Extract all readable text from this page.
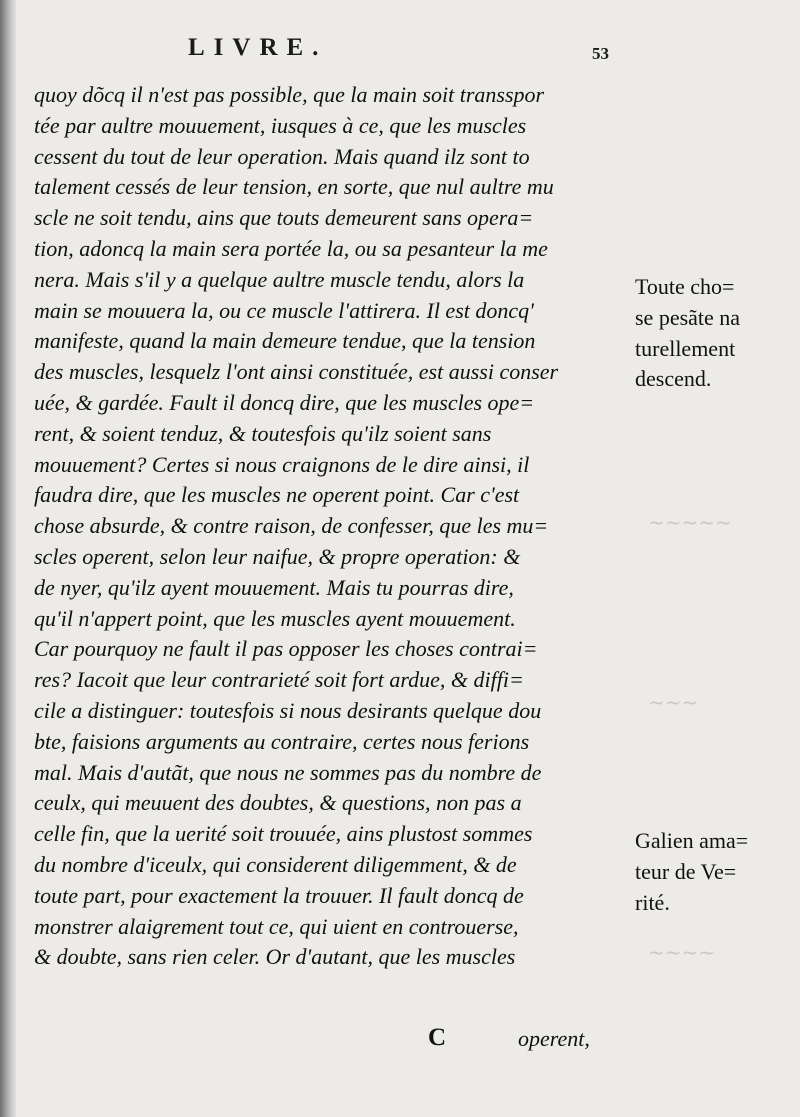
~~~~~
~~~
~~~~
LIVRE.	53
quoy dõcq il n'est pas possible, que la main soit transspor
tée par aultre mouuement, iusques à ce, que les muscles
cessent du tout de leur operation. Mais quand ilz sont to
talement cessés de leur tension, en sorte, que nul aultre mu
scle ne soit tendu, ains que touts demeurent sans opera=
tion, adoncq la main sera portée la, ou sa pesanteur la me
nera. Mais s'il y a quelque aultre muscle tendu, alors la
main se mouuera la, ou ce muscle l'attirera. Il est doncq'
manifeste, quand la main demeure tendue, que la tension
des muscles, lesquelz l'ont ainsi constituée, est aussi conser
uée, & gardée. Fault il doncq dire, que les muscles ope=
rent, & soient tenduz, & toutesfois qu'ilz soient sans
mouuement? Certes si nous craignons de le dire ainsi, il
faudra dire, que les muscles ne operent point. Car c'est
chose absurde, & contre raison, de confesser, que les mu=
scles operent, selon leur naifue, & propre operation: &
de nyer, qu'ilz ayent mouuement. Mais tu pourras dire,
qu'il n'appert point, que les muscles ayent mouuement.
Car pourquoy ne fault il pas opposer les choses contrai=
res? Iacoit que leur contrarieté soit fort ardue, & diffi=
cile a distinguer: toutesfois si nous desirants quelque dou
bte, faisions arguments au contraire, certes nous ferions
mal. Mais d'autãt, que nous ne sommes pas du nombre de
ceulx, qui meuuent des doubtes, & questions, non pas a
celle fin, que la uerité soit trouuée, ains plustost sommes
du nombre d'iceulx, qui considerent diligemment, & de
toute part, pour exactement la trouuer. Il fault doncq de
monstrer alaigrement tout ce, qui uient en controuerse,
& doubte, sans rien celer. Or d'autant, que les muscles
Toute cho=
se pesãte na
turellement
descend.
Galien ama=
teur de Ve=
rité.
C	operent,
